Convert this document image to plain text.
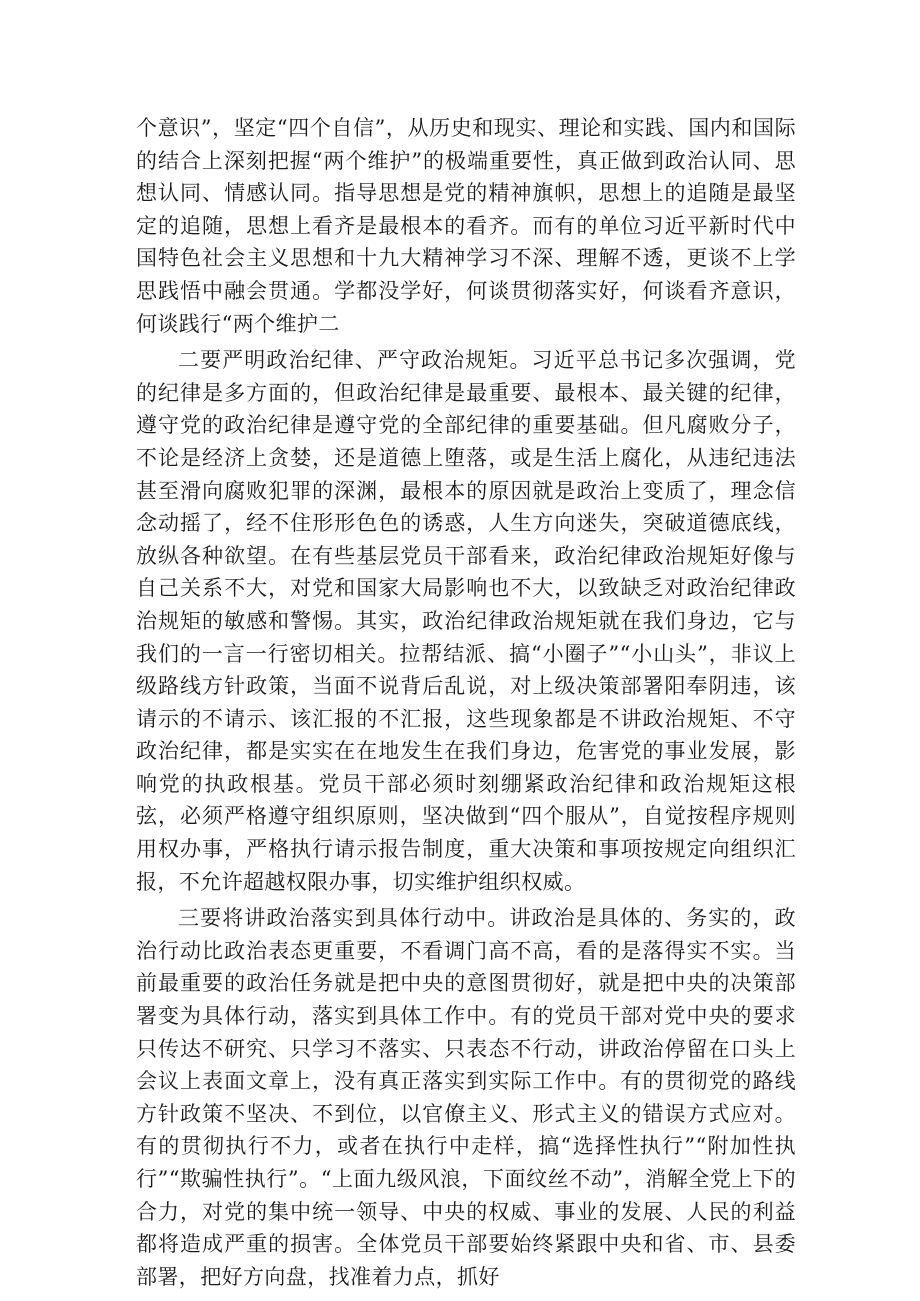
个意识”，坚定“四个自信”，从历史和现实、理论和实践、国内和国际的结合上深刻把握“两个维护”的极端重要性，真正做到政治认同、思想认同、情感认同。指导思想是党的精神旗帜，思想上的追随是最坚定的追随，思想上看齐是最根本的看齐。而有的单位习近平新时代中国特色社会主义思想和十九大精神学习不深、理解不透，更谈不上学思践悟中融会贯通。学都没学好，何谈贯彻落实好，何谈看齐意识，何谈践行“两个维护二

二要严明政治纪律、严守政治规矩。习近平总书记多次强调，党的纪律是多方面的，但政治纪律是最重要、最根本、最关键的纪律，遵守党的政治纪律是遵守党的全部纪律的重要基础。但凡腐败分子，不论是经济上贪婪，还是道德上堕落，或是生活上腐化，从违纪违法甚至滑向腐败犯罪的深渊，最根本的原因就是政治上变质了，理念信念动摇了，经不住形形色色的诱惑，人生方向迷失，突破道德底线，放纵各种欲望。在有些基层党员干部看来，政治纪律政治规矩好像与自己关系不大，对党和国家大局影响也不大，以致缺乏对政治纪律政治规矩的敏感和警惕。其实，政治纪律政治规矩就在我们身边，它与我们的一言一行密切相关。拉帮结派、搞“小圈子”“小山头”，非议上级路线方针政策，当面不说背后乱说，对上级决策部署阳奉阴违，该请示的不请示、该汇报的不汇报，这些现象都是不讲政治规矩、不守政治纪律，都是实实在在地发生在我们身边，危害党的事业发展，影响党的执政根基。党员干部必须时刻绷紧政治纪律和政治规矩这根弦，必须严格遵守组织原则，坚决做到“四个服从”，自觉按程序规则用权办事，严格执行请示报告制度，重大决策和事项按规定向组织汇报，不允许超越权限办事，切实维护组织权威。

三要将讲政治落实到具体行动中。讲政治是具体的、务实的，政治行动比政治表态更重要，不看调门高不高，看的是落得实不实。当前最重要的政治任务就是把中央的意图贯彻好，就是把中央的决策部署变为具体行动，落实到具体工作中。有的党员干部对党中央的要求只传达不研究、只学习不落实、只表态不行动，讲政治停留在口头上会议上表面文章上，没有真正落实到实际工作中。有的贯彻党的路线方针政策不坚决、不到位，以官僚主义、形式主义的错误方式应对。有的贯彻执行不力，或者在执行中走样，搞“选择性执行”“附加性执行”“欺骗性执行”。“上面九级风浪，下面纹丝不动”，消解全党上下的合力，对党的集中统一领导、中央的权威、事业的发展、人民的利益都将造成严重的损害。全体党员干部要始终紧跟中央和省、市、县委部署，把好方向盘，找准着力点，抓好
